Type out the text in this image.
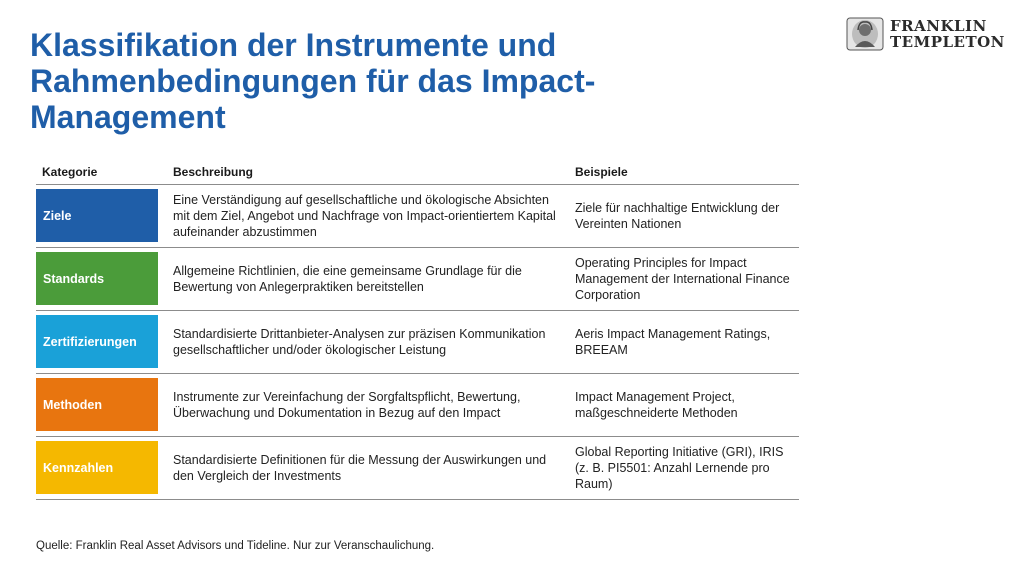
Klassifikation der Instrumente und
Rahmenbedingungen für das Impact-
Management
FRANKLIN
TEMPLETON
Kategorie	Beschreibung	Beispiele
Ziele
Eine Verständigung auf gesellschaftliche und ökologische Absichten mit dem Ziel, Angebot und Nachfrage von Impact-orientiertem Kapital aufeinander abzustimmen
Ziele für nachhaltige Entwicklung der Vereinten Nationen
Standards
Allgemeine Richtlinien, die eine gemeinsame Grundlage für die Bewertung von Anlegerpraktiken bereitstellen
Operating Principles for Impact Management der International Finance Corporation
Zertifizierungen
Standardisierte Drittanbieter-Analysen zur präzisen Kommunikation gesellschaftlicher und/oder ökologischer Leistung
Aeris Impact Management Ratings, BREEAM
Methoden
Instrumente zur Vereinfachung der Sorgfaltspflicht, Bewertung, Überwachung und Dokumentation in Bezug auf den Impact
Impact Management Project, maßgeschneiderte Methoden
Kennzahlen
Standardisierte Definitionen für die Messung der Auswirkungen und den Vergleich der Investments
Global Reporting Initiative (GRI), IRIS (z. B. PI5501: Anzahl Lernende pro Raum)
Quelle: Franklin Real Asset Advisors und Tideline. Nur zur Veranschaulichung.
